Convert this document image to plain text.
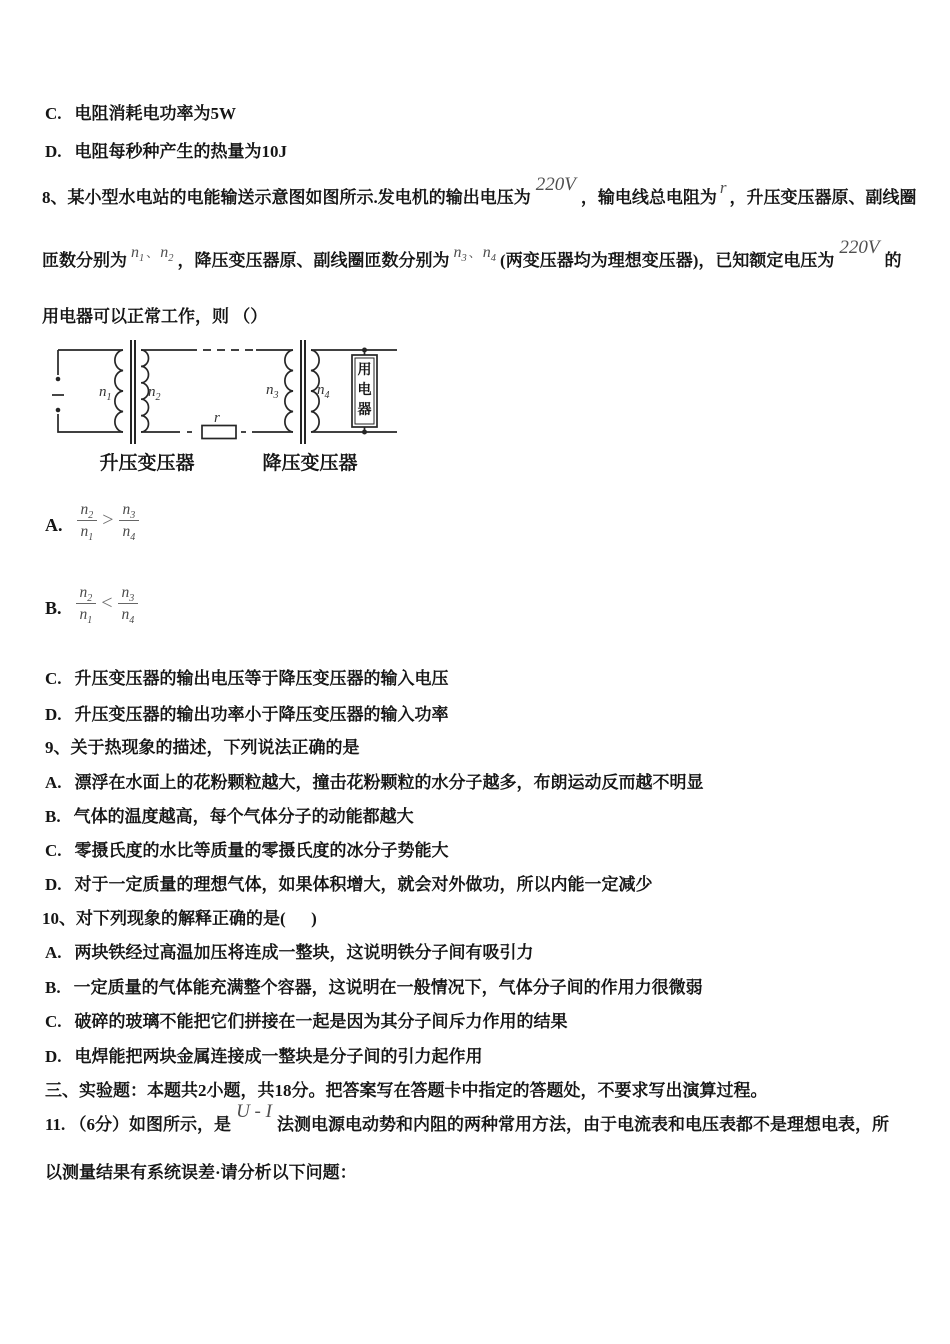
C. 电阻消耗电功率为5W
D. 电阻每秒种产生的热量为10J
8、某小型水电站的电能输送示意图如图所示.发电机的输出电压为220V，输电线总电阻为r，升压变压器原、副线圈
匝数分别为 $n_1$ 、 $n_2$ ，降压变压器原、副线圈匝数分别为 $n_3$ 、 $n_4$ (两变压器均为理想变压器)，已知额定电压为220V的
用电器可以正常工作，则 （）
$n_1$ $n_2$	$n_3$	$n_4$
r
用
电
器
升压变压器	降压变压器
A. $\frac{n_2}{n_1} > \frac{n_3}{n_4}$
B. $\frac{n_2}{n_1} < \frac{n_3}{n_4}$
C. 升压变压器的输出电压等于降压变压器的输入电压
D. 升压变压器的输出功率小于降压变压器的输入功率
9、关于热现象的描述，下列说法正确的是
A. 漂浮在水面上的花粉颗粒越大，撞击花粉颗粒的水分子越多，布朗运动反而越不明显
B. 气体的温度越高，每个气体分子的动能都越大
C. 零摄氏度的水比等质量的零摄氏度的冰分子势能大
D. 对于一定质量的理想气体，如果体积增大，就会对外做功，所以内能一定减少
10、对下列现象的解释正确的是(      )
A. 两块铁经过高温加压将连成一整块，这说明铁分子间有吸引力
B. 一定质量的气体能充满整个容器，这说明在一般情况下，气体分子间的作用力很微弱
C. 破碎的玻璃不能把它们拼接在一起是因为其分子间斥力作用的结果
D. 电焊能把两块金属连接成一整块是分子间的引力起作用
三、实验题：本题共2小题，共18分。把答案写在答题卡中指定的答题处，不要求写出演算过程。
11. （6分）如图所示，是U - I法测电源电动势和内阻的两种常用方法，由于电流表和电压表都不是理想电表，所
以测量结果有系统误差·请分析以下问题：
